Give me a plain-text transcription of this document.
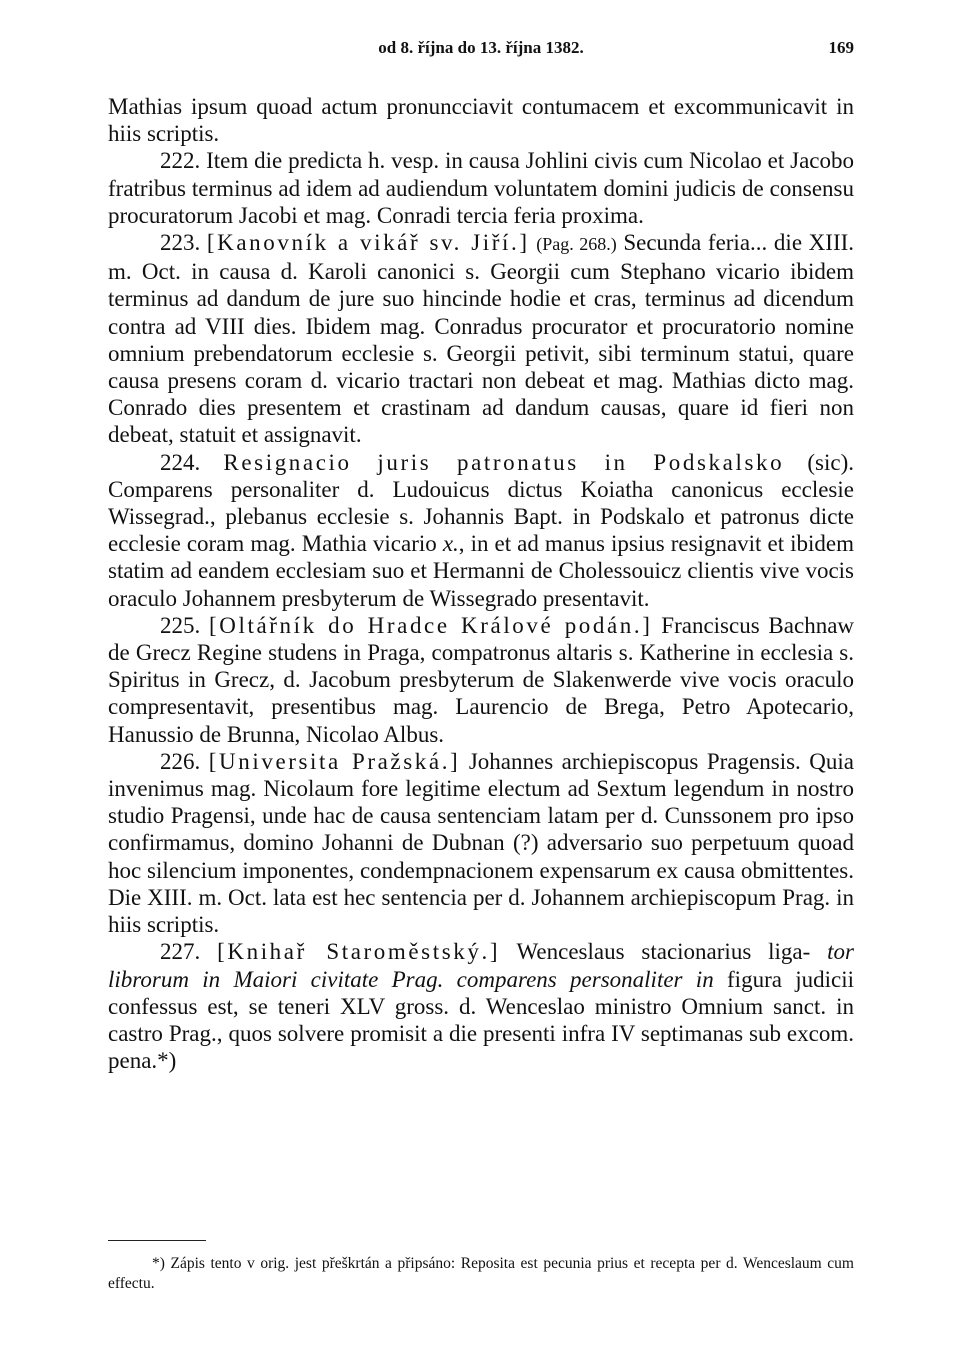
od 8. října do 13. října 1382.	169

Mathias ipsum quoad actum pronuncciavit contumacem et excommunicavit in hiis scriptis.

222. Item die predicta h. vesp. in causa Johlini civis cum Nicolao et Jacobo fratribus terminus ad idem ad audiendum voluntatem domini judicis de consensu procuratorum Jacobi et mag. Conradi tercia feria proxima.

223. [Kanovník a vikář sv. Jiří.] (Pag. 268.) Secunda feria... die XIII. m. Oct. in causa d. Karoli canonici s. Georgii cum Stephano vicario ibidem terminus ad dandum de jure suo hincinde hodie et cras, terminus ad dicendum contra ad VIII dies. Ibidem mag. Conradus procurator et procuratorio nomine omnium prebendatorum ecclesie s. Georgii petivit, sibi terminum statui, quare causa presens coram d. vicario tractari non debeat et mag. Mathias dicto mag. Conrado dies presentem et crastinam ad dandum causas, quare id fieri non debeat, statuit et assignavit.

224. Resignacio juris patronatus in Podskalsko (sic). Comparens personaliter d. Ludouicus dictus Koiatha canonicus ecclesie Wissegrad., plebanus ecclesie s. Johannis Bapt. in Podskalo et patronus dicte ecclesie coram mag. Mathia vicario x., in et ad manus ipsius resignavit et ibidem statim ad eandem ecclesiam suo et Hermanni de Cholessouicz clientis vive vocis oraculo Johannem presbyterum de Wissegrado presentavit.

225. [Oltářník do Hradce Králové podán.] Franciscus Bachnaw de Grecz Regine studens in Praga, compatronus altaris s. Katherine in ecclesia s. Spiritus in Grecz, d. Jacobum presbyterum de Slakenwerde vive vocis oraculo compresentavit, presentibus mag. Laurencio de Brega, Petro Apotecario, Hanussio de Brunna, Nicolao Albus.

226. [Universita Pražská.] Johannes archiepiscopus Pragensis. Quia invenimus mag. Nicolaum fore legitime electum ad Sextum legendum in nostro studio Pragensi, unde hac de causa sentenciam latam per d. Cunssonem pro ipso confirmamus, domino Johanni de Dubnan (?) adversario suo perpetuum quoad hoc silencium imponentes, condempnacionem expensarum ex causa obmittentes. Die XIII. m. Oct. lata est hec sentencia per d. Johannem archiepiscopum Prag. in hiis scriptis.

227. [Knihař Staroměstský.] Wenceslaus stacionarius liga- tor librorum in Maiori civitate Prag. comparens personaliter in figura judicii confessus est, se teneri XLV gross. d. Wenceslao ministro Omnium sanct. in castro Prag., quos solvere promisit a die presenti infra IV septimanas sub excom. pena.*)

*) Zápis tento v orig. jest přeškrtán a připsáno: Reposita est pecunia prius et recepta per d. Wenceslaum cum effectu.
